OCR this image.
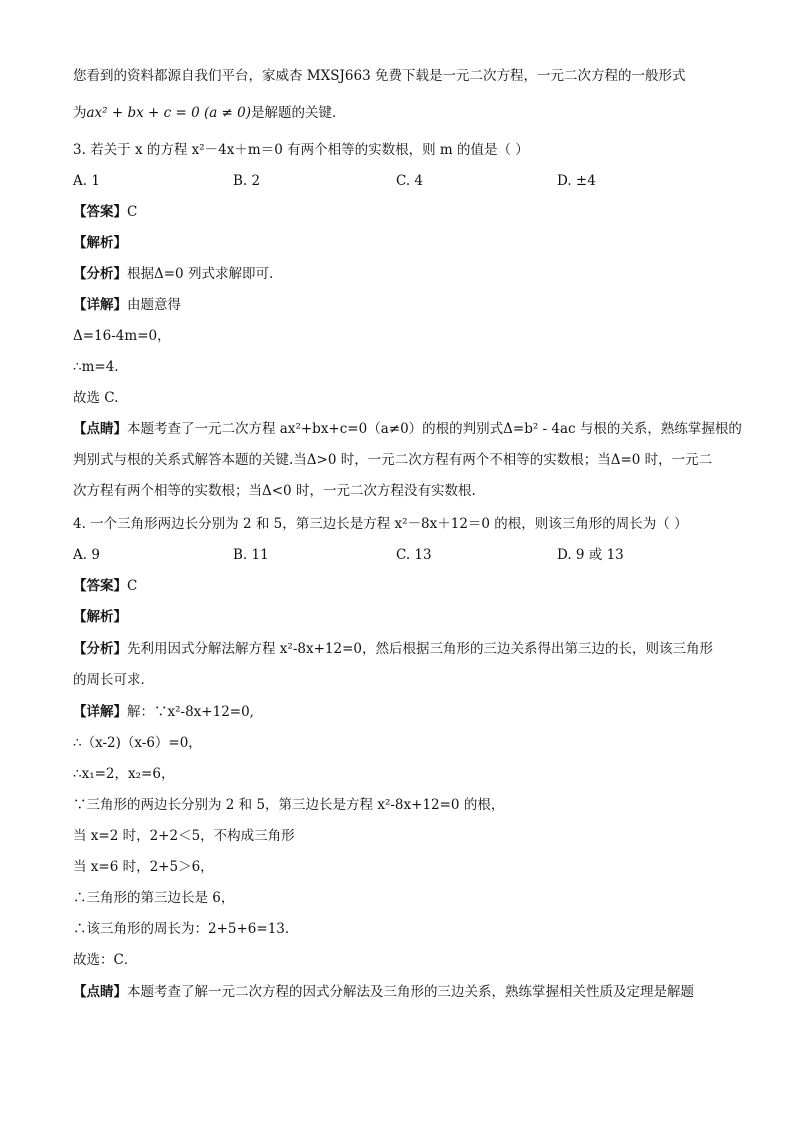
您看到的资料都源自我们平台，家威杏 MXSJ663 免费下载是一元二次方程，一元二次方程的一般形式
为ax² + bx + c = 0 (a ≠ 0)是解题的关键．
3. 若关于 x 的方程 x²－4x＋m＝0 有两个相等的实数根，则 m 的值是（ ）
A. 1	B. 2	C. 4	D. ±4
【答案】C
【解析】
【分析】根据Δ=0 列式求解即可.
【详解】由题意得
Δ=16-4m=0，
∴m=4.
故选 C.
【点睛】本题考查了一元二次方程 ax²+bx+c=0（a≠0）的根的判别式Δ=b² - 4ac 与根的关系，熟练掌握根的
判别式与根的关系式解答本题的关键.当Δ>0 时，一元二次方程有两个不相等的实数根；当Δ=0 时，一元二
次方程有两个相等的实数根；当Δ<0 时，一元二次方程没有实数根.
4. 一个三角形两边长分别为 2 和 5，第三边长是方程 x²－8x＋12＝0 的根，则该三角形的周长为（ ）
A. 9	B. 11	C. 13	D. 9 或 13
【答案】C
【解析】
【分析】先利用因式分解法解方程 x²-8x+12=0，然后根据三角形的三边关系得出第三边的长，则该三角形
的周长可求．
【详解】解：∵x²-8x+12=0,
∴（x-2)（x-6）=0，
∴x₁=2，x₂=6，
∵三角形的两边长分别为 2 和 5，第三边长是方程 x²-8x+12=0 的根，
当 x=2 时，2+2＜5，不构成三角形
当 x=6 时，2+5＞6，
∴三角形的第三边长是 6，
∴该三角形的周长为：2+5+6=13．
故选：C．
【点睛】本题考查了解一元二次方程的因式分解法及三角形的三边关系，熟练掌握相关性质及定理是解题
